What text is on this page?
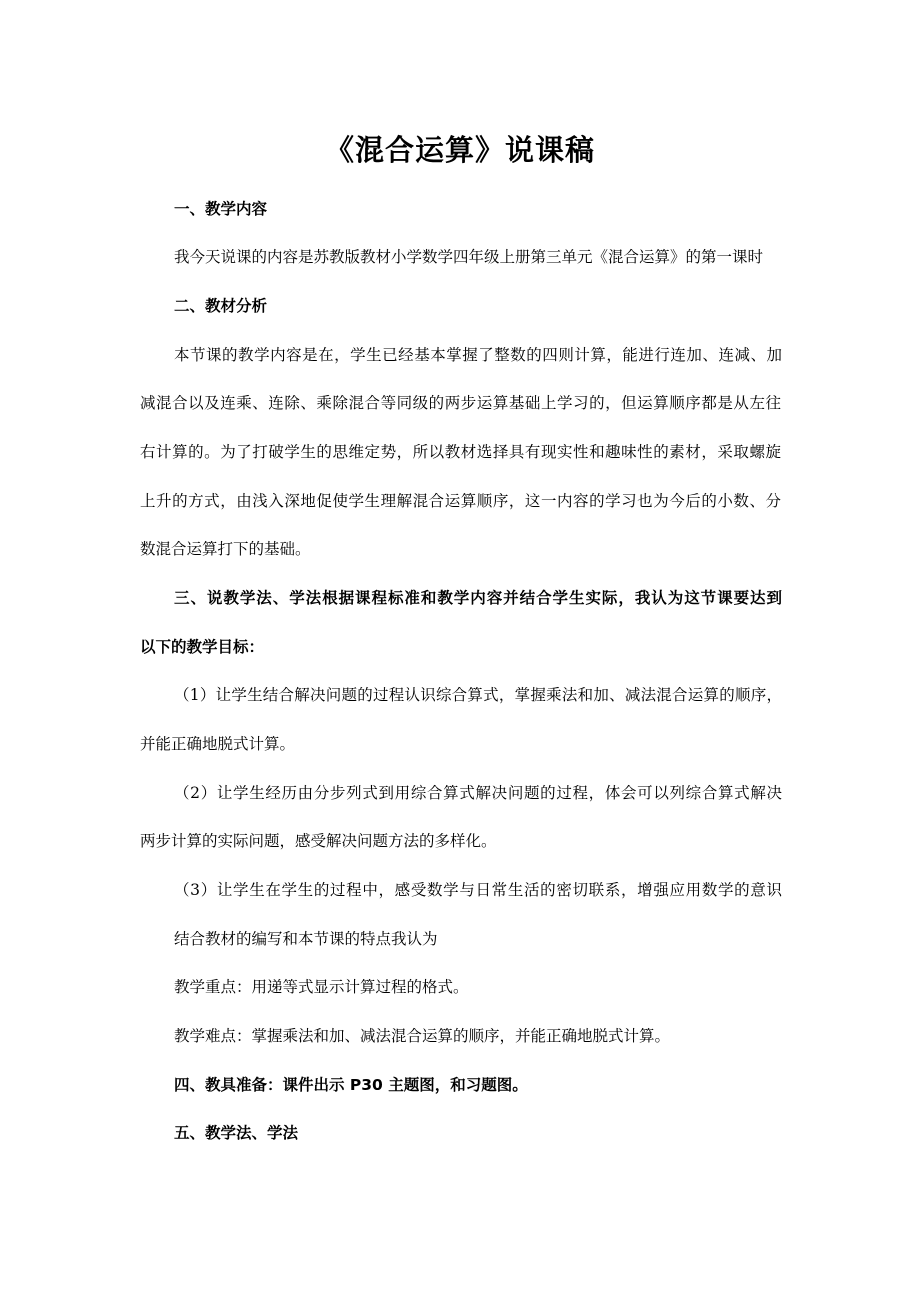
《混合运算》说课稿
一、教学内容
我今天说课的内容是苏教版教材小学数学四年级上册第三单元《混合运算》的第一课时
二、教材分析
本节课的教学内容是在，学生已经基本掌握了整数的四则计算，能进行连加、连减、加
减混合以及连乘、连除、乘除混合等同级的两步运算基础上学习的，但运算顺序都是从左往
右计算的。为了打破学生的思维定势，所以教材选择具有现实性和趣味性的素材，采取螺旋
上升的方式，由浅入深地促使学生理解混合运算顺序，这一内容的学习也为今后的小数、分
数混合运算打下的基础。
三、说教学法、学法根据课程标准和教学内容并结合学生实际，我认为这节课要达到
以下的教学目标：
（1）让学生结合解决问题的过程认识综合算式，掌握乘法和加、减法混合运算的顺序，
并能正确地脱式计算。
（2）让学生经历由分步列式到用综合算式解决问题的过程，体会可以列综合算式解决
两步计算的实际问题，感受解决问题方法的多样化。
（3）让学生在学生的过程中，感受数学与日常生活的密切联系，增强应用数学的意识
结合教材的编写和本节课的特点我认为
教学重点：用递等式显示计算过程的格式。
教学难点：掌握乘法和加、减法混合运算的顺序，并能正确地脱式计算。
四、教具准备：课件出示 P30 主题图，和习题图。
五、教学法、学法
